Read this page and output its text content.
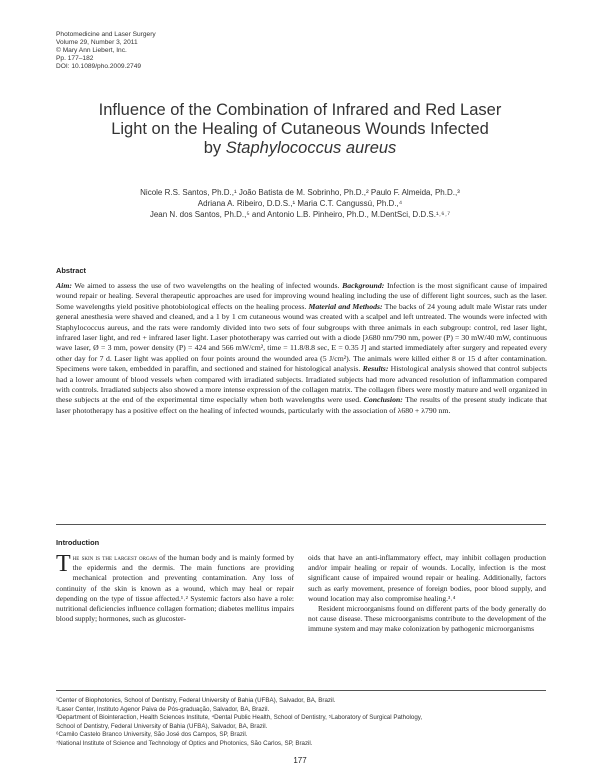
Photomedicine and Laser Surgery
Volume 29, Number 3, 2011
© Mary Ann Liebert, Inc.
Pp. 177–182
DOI: 10.1089/pho.2009.2749
Influence of the Combination of Infrared and Red Laser
Light on the Healing of Cutaneous Wounds Infected
by Staphylococcus aureus
Nicole R.S. Santos, Ph.D.,¹ João Batista de M. Sobrinho, Ph.D.,² Paulo F. Almeida, Ph.D.,³
Adriana A. Ribeiro, D.D.S.,¹ Maria C.T. Cangussú, Ph.D.,⁴
Jean N. dos Santos, Ph.D.,⁵ and Antonio L.B. Pinheiro, Ph.D., M.DentSci, D.D.S.¹˒⁶˒⁷
Abstract
Aim: We aimed to assess the use of two wavelengths on the healing of infected wounds. Background: Infection is the most significant cause of impaired wound repair or healing. Several therapeutic approaches are used for improving wound healing including the use of different light sources, such as the laser. Some wavelengths yield positive photobiological effects on the healing process. Material and Methods: The backs of 24 young adult male Wistar rats under general anesthesia were shaved and cleaned, and a 1 by 1 cm cutaneous wound was created with a scalpel and left untreated. The wounds were infected with Staphylococcus aureus, and the rats were randomly divided into two sets of four subgroups with three animals in each subgroup: control, red laser light, infrared laser light, and red + infrared laser light. Laser phototherapy was carried out with a diode [λ680 nm/790 nm, power (P) = 30 mW/40 mW, continuous wave laser, Ø = 3 mm, power density (P) = 424 and 566 mW/cm², time = 11.8/8.8 sec, E = 0.35 J] and started immediately after surgery and repeated every other day for 7 d. Laser light was applied on four points around the wounded area (5 J/cm²). The animals were killed either 8 or 15 d after contamination. Specimens were taken, embedded in paraffin, and sectioned and stained for histological analysis. Results: Histological analysis showed that control subjects had a lower amount of blood vessels when compared with irradiated subjects. Irradiated subjects had more advanced resolution of inflammation compared with controls. Irradiated subjects also showed a more intense expression of the collagen matrix. The collagen fibers were mostly mature and well organized in these subjects at the end of the experimental time especially when both wavelengths were used. Conclusion: The results of the present study indicate that laser phototherapy has a positive effect on the healing of infected wounds, particularly with the association of λ680 + λ790 nm.
Introduction

The skin is the largest organ of the human body and is mainly formed by the epidermis and the dermis. The main functions are providing mechanical protection and preventing contamination. Any loss of continuity of the skin is known as a wound, which may heal or repair depending on the type of tissue affected.¹˒² Systemic factors also have a role: nutritional deficiencies influence collagen formation; diabetes mellitus impairs blood supply; hormones, such as glucoster-

oids that have an anti-inflammatory effect, may inhibit collagen production and/or impair healing or repair of wounds. Locally, infection is the most significant cause of impaired wound repair or healing. Additionally, factors such as early movement, presence of foreign bodies, poor blood supply, and wound location may also compromise healing.³˒⁴

Resident microorganisms found on different parts of the body generally do not cause disease. These microorganisms contribute to the development of the immune system and may make colonization by pathogenic microorganisms

¹Center of Biophotonics, School of Dentistry, Federal University of Bahia (UFBA), Salvador, BA, Brazil.
²Laser Center, Instituto Agenor Paiva de Pós-graduação, Salvador, BA, Brazil.
³Department of Biointeraction, Health Sciences Institute, ⁴Dental Public Health, School of Dentistry, ⁵Laboratory of Surgical Pathology,
School of Dentistry, Federal University of Bahia (UFBA), Salvador, BA, Brazil.
⁶Camilo Castelo Branco University, São José dos Campos, SP, Brazil.
⁷National Institute of Science and Technology of Optics and Photonics, São Carlos, SP, Brazil.
177
